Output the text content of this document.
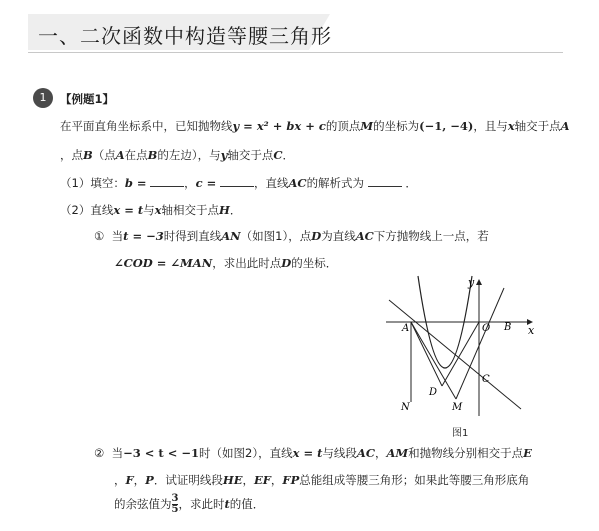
一、二次函数中构造等腰三角形
1	【例题1】
在平面直角坐标系中，已知抛物线y = x² + bx + c的顶点M的坐标为(−1, −4)，且与x轴交于点A
，点B（点A在点B的左边），与y轴交于点C．
（1）填空：b =	，c =	，直线AC的解析式为	．
（2）直线x = t与x轴相交于点H．
① 当t = −3时得到直线AN（如图1），点D为直线AC下方抛物线上一点，若
∠COD = ∠MAN，求出此时点D的坐标．
y
x
A	O B
C
D
M
N
图1
② 当−3 < t < −1时（如图2），直线x = t与线段AC，AM和抛物线分别相交于点E
，F，P．试证明线段HE，EF，FP总能组成等腰三角形；如果此等腰三角形底角
的余弦值为$\frac{3}{5}$ ，求此时t的值．
